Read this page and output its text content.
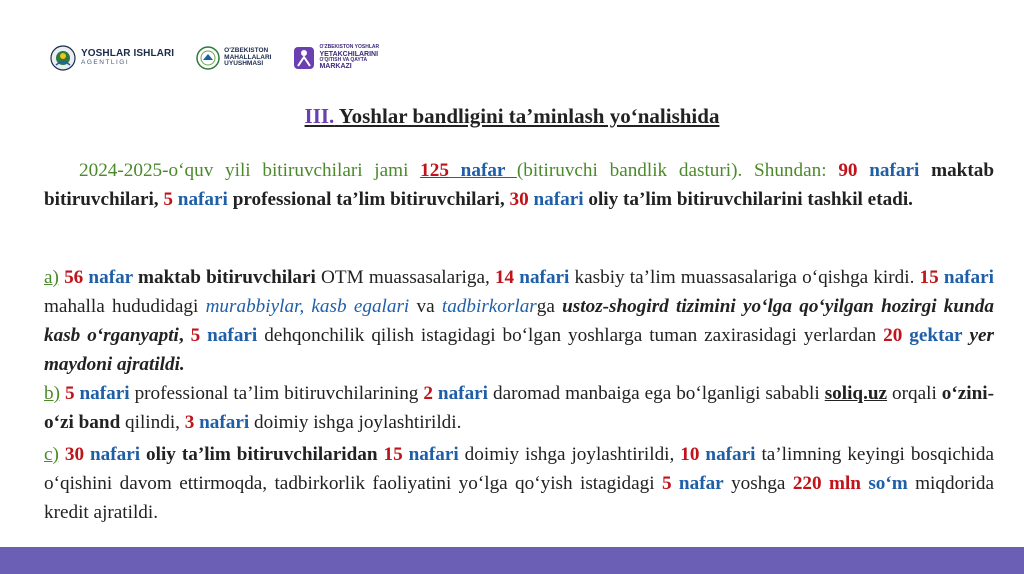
YOSHLAR ISHLARI
AGENTLIGI
O'ZBEKISTON
MAHALLALARI
UYUSHMASI
O'ZBEKISTON YOSHLAR
YETAKCHILARINI
O'QITISH VA QAYTA
MARKAZI
III. Yoshlar bandligini ta’minlash yo‘nalishida
2024-2025-o‘quv yili bitiruvchilari jami 125 nafar (bitiruvchi bandlik dasturi). Shundan: 90 nafari maktab bitiruvchilari, 5 nafari professional ta’lim bitiruvchilari, 30 nafari oliy ta’lim bitiruvchilarini tashkil etadi.
a) 56 nafar maktab bitiruvchilari OTM muassasalariga, 14 nafari kasbiy ta’lim muassasalariga o‘qishga kirdi. 15 nafari mahalla hududidagi murabbiylar, kasb egalari va tadbirkorlarga ustoz-shogird tizimini yo‘lga qo‘yilgan hozirgi kunda kasb o‘rganyapti, 5 nafari dehqonchilik qilish istagidagi bo‘lgan yoshlarga tuman zaxirasidagi yerlardan 20 gektar yer maydoni ajratildi.
b) 5 nafari professional ta’lim bitiruvchilarining 2 nafari daromad manbaiga ega bo‘lganligi sababli soliq.uz orqali o‘zini-o‘zi band qilindi, 3 nafari doimiy ishga joylashtirildi.
c) 30 nafari oliy ta’lim bitiruvchilaridan 15 nafari doimiy ishga joylashtirildi, 10 nafari ta’limning keyingi bosqichida o‘qishini davom ettirmoqda, tadbirkorlik faoliyatini yo‘lga qo‘yish istagidagi 5 nafar yoshga 220 mln so‘m miqdorida kredit ajratildi.
